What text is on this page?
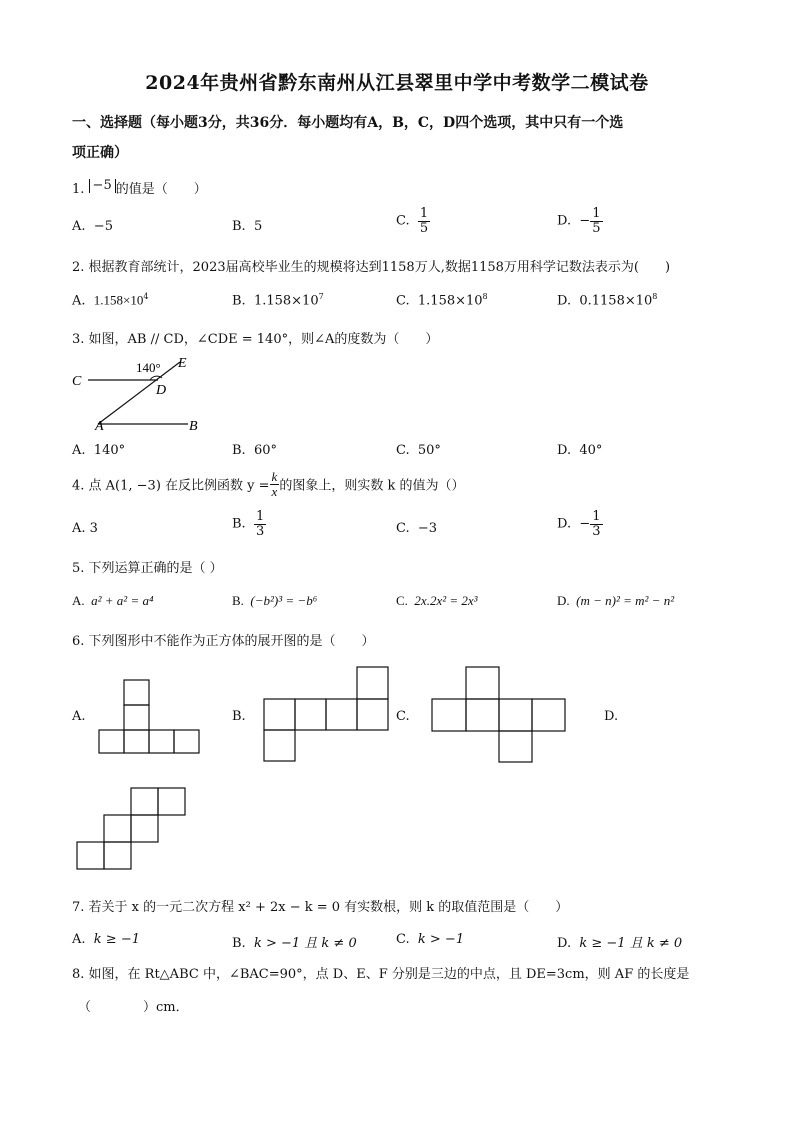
2024年贵州省黔东南州从江县翠里中学中考数学二模试卷
一、选择题（每小题3分，共36分．每小题均有A，B，C，D四个选项，其中只有一个选
项正确）
1. −5 的值是（　　）
A. −5	B. 5	C. $\frac{1}{5}$	D. − $\frac{1}{5}$
2. 根据教育部统计，2023届高校毕业生的规模将达到1158万人,数据1158万用科学记数法表示为(　　)
A. $1.158\times 10^4$	B. $1.158\times 10^7$	C. $1.158\times 10^8$	D. $0.1158\times 10^8$
3. 如图，AB // CD，∠CDE = 140°，则∠A的度数为（　　）
140°
C
D
E
A	B
A. 140°	B. 60°	C. 50°	D. 40°
4. 点 A(1, −3) 在反比例函数 $y = \frac{k}{x}$ 的图象上，则实数 k 的值为（）
A. 3	B. $\frac{1}{3}$	C. −3	D. − $\frac{1}{3}$
5. 下列运算正确的是（ ）
A. a² + a² = a⁴	B. (−b²)³ = −b⁶	C. 2x.2x² = 2x³	D. (m − n)² = m² − n²
6. 下列图形中不能作为正方体的展开图的是（　　）
A.	B.	C.	D.
7. 若关于 x 的一元二次方程 x² + 2x − k = 0 有实数根，则 k 的取值范围是（　　）
A. k ≥ −1	B. k > −1 且 k ≠ 0	C. k > −1	D. k ≥ −1 且 k ≠ 0
8. 如图，在 Rt△ABC 中，∠BAC=90°，点 D、E、F 分别是三边的中点，且 DE=3cm，则 AF 的长度是
（　　　　）cm．
